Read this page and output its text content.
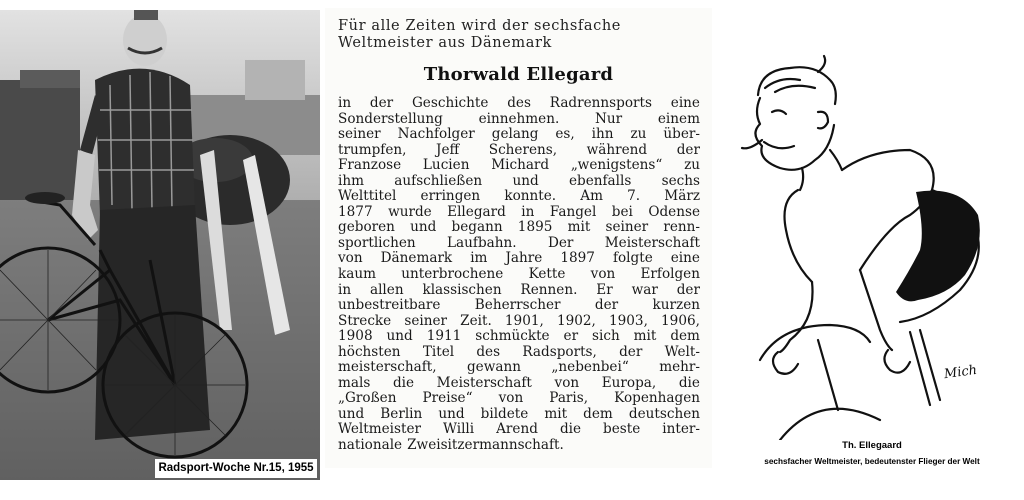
Radsport-Woche Nr.15, 1955
Für alle Zeiten wird der sechsfache
Weltmeister aus Dänemark
Thorwald Ellegard
in der Geschichte des Radrennsports eine
Sonderstellung	einnehmen.	Nur	einem
seiner Nachfolger gelang es, ihn zu über-
trumpfen, Jeff Scherens, während der
Franzose Lucien Michard „wenigstens“ zu
ihm aufschließen und ebenfalls sechs
Welttitel erringen konnte. Am 7. März
1877 wurde Ellegard in Fangel bei Odense
geboren und begann 1895 mit seiner renn-
sportlichen Laufbahn. Der Meisterschaft
von Dänemark im Jahre 1897 folgte eine
kaum unterbrochene Kette von Erfolgen
in allen klassischen Rennen. Er war der
unbestreitbare	Beherrscher	der	kurzen
Strecke seiner Zeit. 1901, 1902, 1903, 1906,
1908 und 1911 schmückte er sich mit dem
höchsten Titel des Radsports, der Welt-
meisterschaft, gewann „nebenbei“ mehr-
mals die Meisterschaft von Europa, die
„Großen Preise“ von Paris, Kopenhagen
und Berlin und bildete mit dem deutschen
Weltmeister Willi Arend die beste inter-
nationale Zweisitzermannschaft.
Mich
Th. Ellegaard
sechsfacher Weltmeister, bedeutenster Flieger der Welt
